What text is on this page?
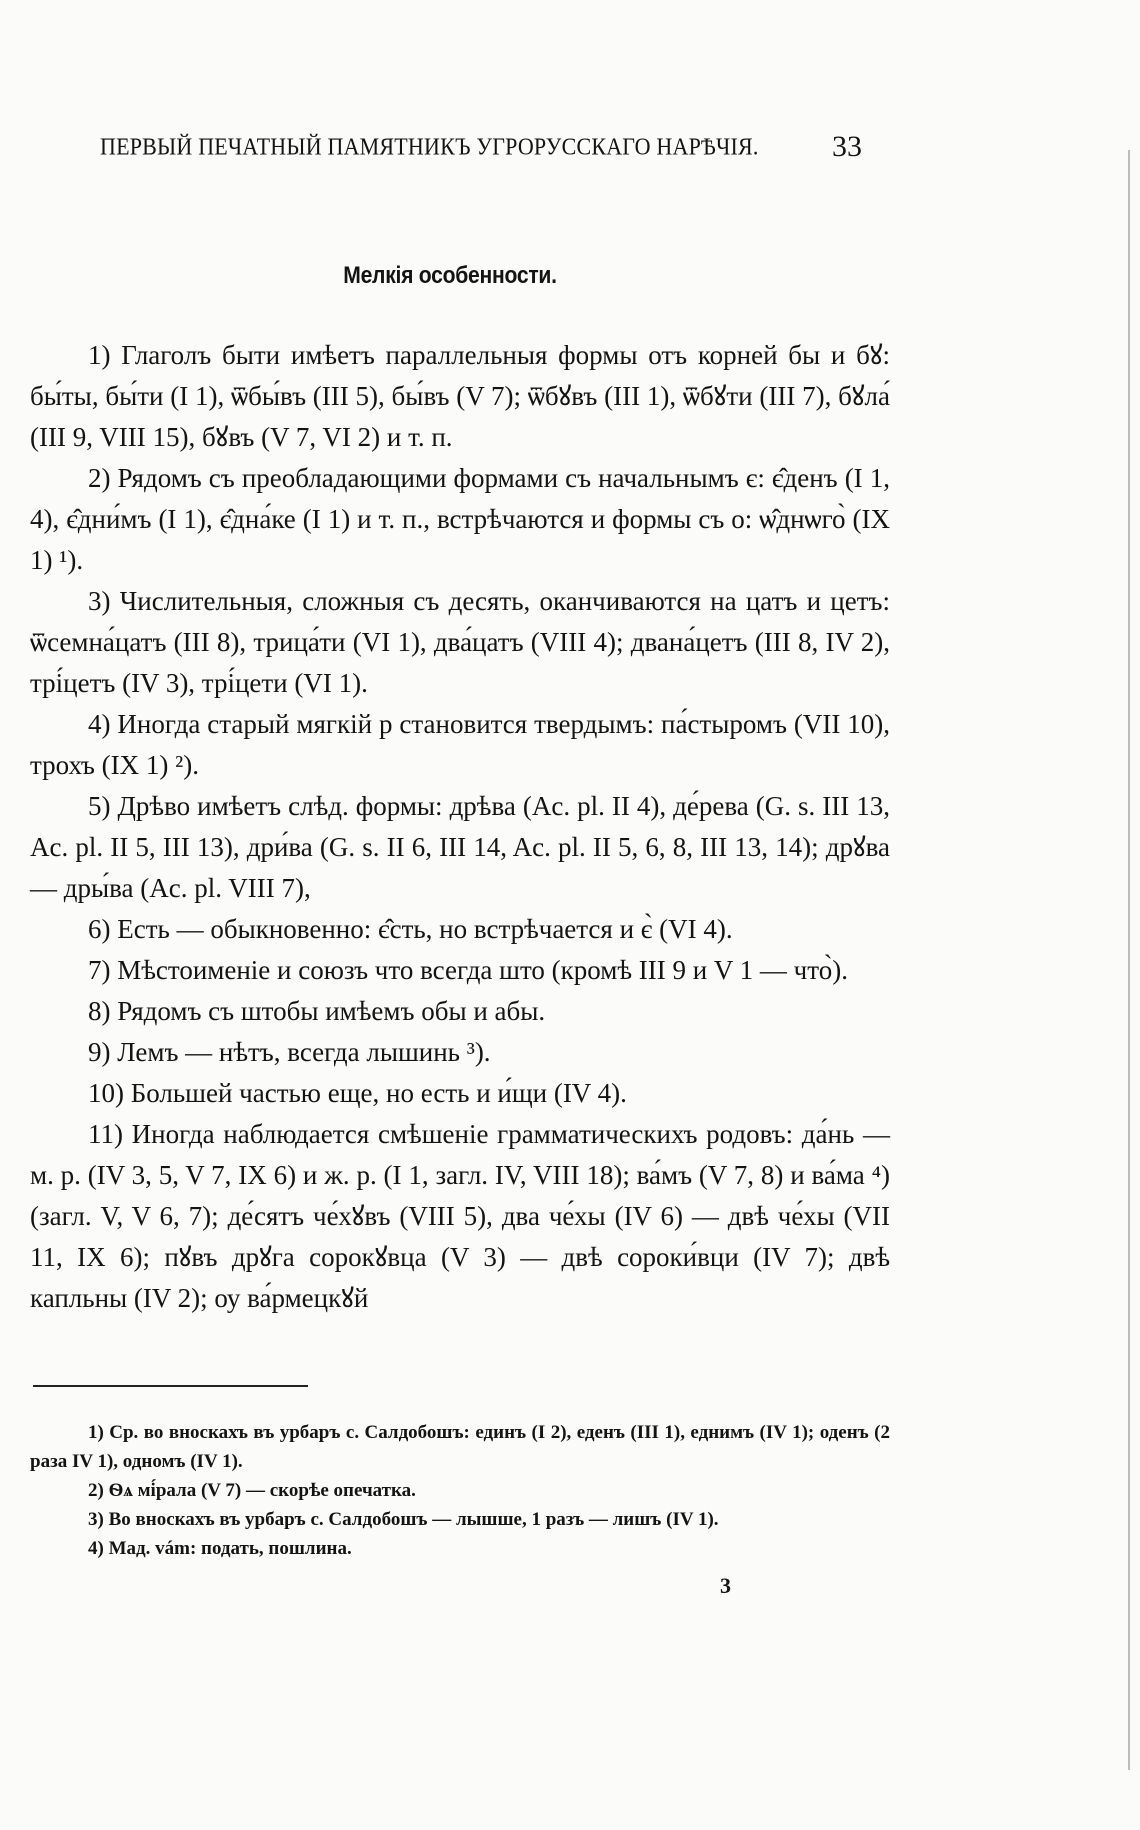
ПЕРВЫЙ ПЕЧАТНЫЙ ПАМЯТНИКЪ УГРОРУССКАГО НАРѢЧІЯ.	33
Мелкія особенности.

1) Глаголъ быти имѣетъ параллельныя формы отъ корней бы и бꙋ: бы́ты, бы́ти (I 1), ѿбы́въ (III 5), бы́въ (V 7); ѿбꙋвъ (III 1), ѿбꙋти (III 7), бꙋла́ (III 9, VIII 15), бꙋвъ (V 7, VI 2) и т. п.

2) Рядомъ съ преобладающими формами съ начальнымъ є: є̂денъ (I 1, 4), є̂дни́мъ (I 1), є̂дна́ке (I 1) и т. п., встрѣчаются и формы съ о: ѡ̂днѡго̀ (IX 1) ¹).

3) Числительныя, сложныя съ десять, оканчиваются на цатъ и цетъ: ѿсемна́цатъ (III 8), трица́ти (VI 1), два́цатъ (VIII 4); двана́цетъ (III 8, IV 2), трі́цетъ (IV 3), трі́цети (VI 1).

4) Иногда старый мягкій р становится твердымъ: па́стыромъ (VII 10), трохъ (IX 1) ²).

5) Дрѣво имѣетъ слѣд. формы: дрѣва (Ac. pl. II 4), де́рева (G. s. III 13, Ac. pl. II 5, III 13), дри́ва (G. s. II 6, III 14, Ac. pl. II 5, 6, 8, III 13, 14); дрꙋва — дры́ва (Ac. pl. VIII 7),

6) Есть — обыкновенно: є̂сть, но встрѣчается и є̀ (VI 4).

7) Мѣстоименіе и союзъ что всегда што (кромѣ III 9 и V 1 — что̀).

8) Рядомъ съ штобы имѣемъ обы и абы.

9) Лемъ — нѣтъ, всегда лышинь ³).

10) Большей частью еще, но есть и и́щи (IV 4).

11) Иногда наблюдается смѣшеніе грамматическихъ родовъ: да́нь — м. р. (IV 3, 5, V 7, IX 6) и ж. р. (I 1, загл. IV, VIII 18); ва́мъ (V 7, 8) и ва́ма ⁴) (загл. V, V 6, 7); де́сятъ че́хꙋвъ (VIII 5), два че́хы (IV 6) — двѣ че́хы (VII 11, IX 6); пꙋвъ дрꙋга сорокꙋвца (V 3) — двѣ сороки́вци (IV 7); двѣ капльны (IV 2); оу ва́рмецкꙋй

1) Ср. во вноскахъ въ урбаръ с. Салдобошъ: единъ (I 2), еденъ (III 1), еднимъ (IV 1); оденъ (2 раза IV 1), одномъ (IV 1).

2) Ѳѧ мі́рала (V 7) — скорѣе опечатка.

3) Во вноскахъ въ урбаръ с. Салдобошъ — лышше, 1 разъ — лишъ (IV 1).

4) Мад. vám: подать, пошлина.

3
